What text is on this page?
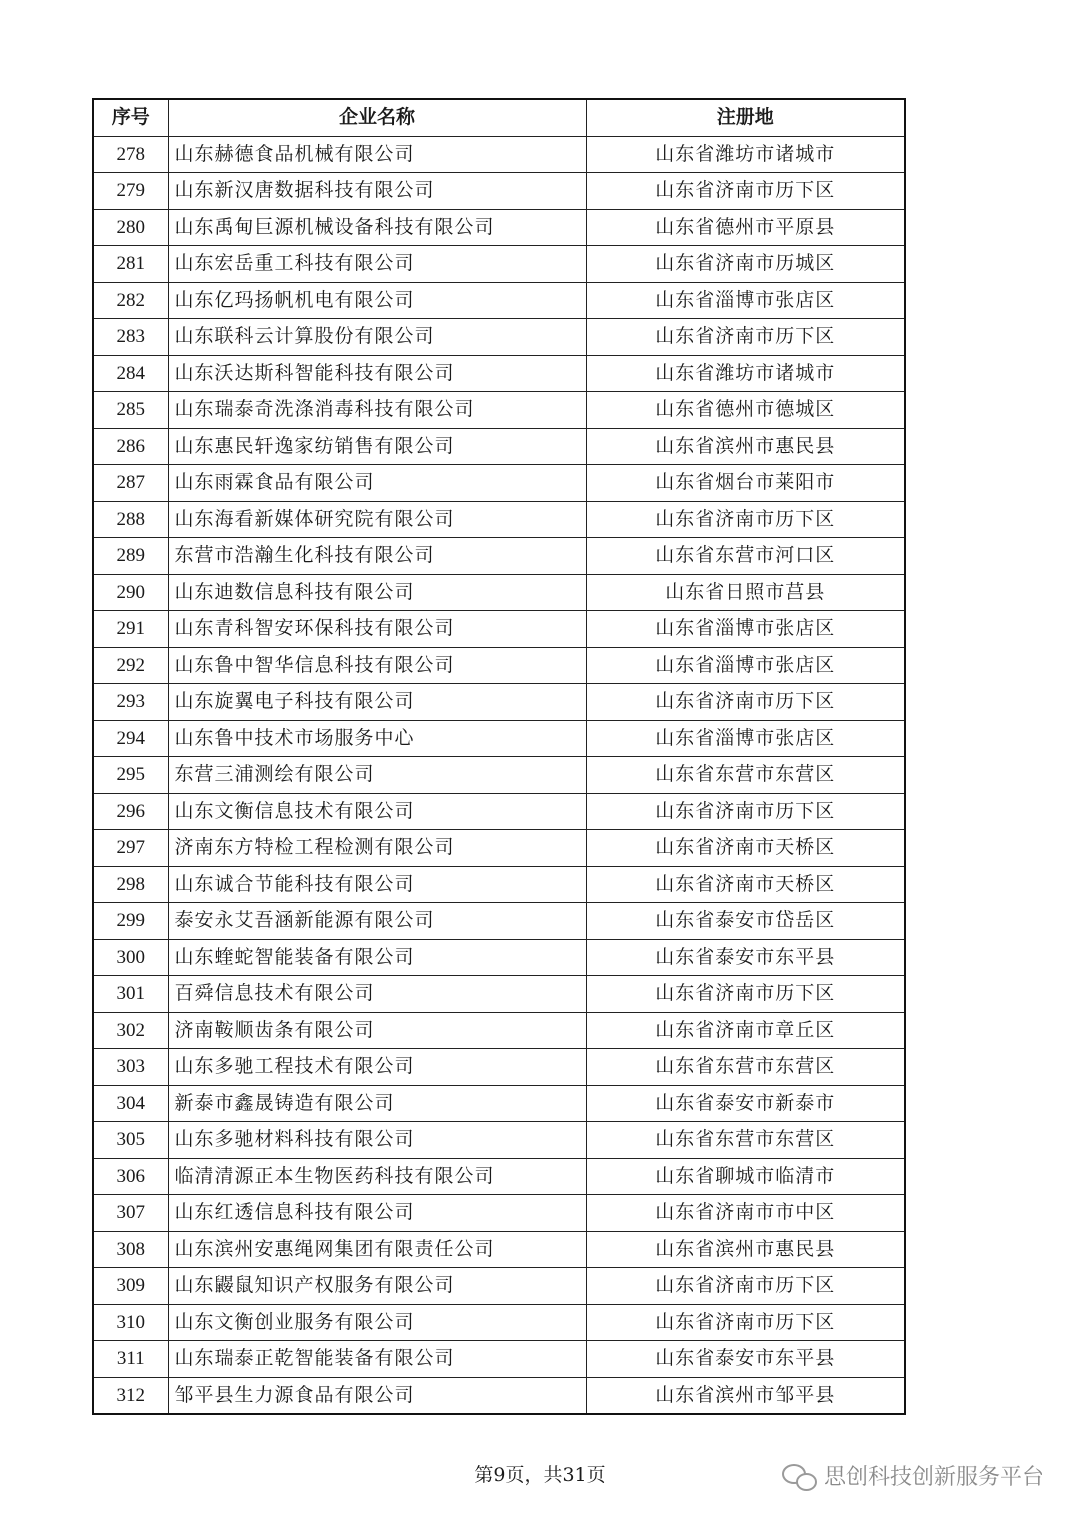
序号	企业名称	注册地
278	山东赫德食品机械有限公司	山东省潍坊市诸城市
279	山东新汉唐数据科技有限公司	山东省济南市历下区
280	山东禹甸巨源机械设备科技有限公司	山东省德州市平原县
281	山东宏岳重工科技有限公司	山东省济南市历城区
282	山东亿玛扬帆机电有限公司	山东省淄博市张店区
283	山东联科云计算股份有限公司	山东省济南市历下区
284	山东沃达斯科智能科技有限公司	山东省潍坊市诸城市
285	山东瑞泰奇洗涤消毒科技有限公司	山东省德州市德城区
286	山东惠民轩逸家纺销售有限公司	山东省滨州市惠民县
287	山东雨霖食品有限公司	山东省烟台市莱阳市
288	山东海看新媒体研究院有限公司	山东省济南市历下区
289	东营市浩瀚生化科技有限公司	山东省东营市河口区
290	山东迪数信息科技有限公司	山东省日照市莒县
291	山东青科智安环保科技有限公司	山东省淄博市张店区
292	山东鲁中智华信息科技有限公司	山东省淄博市张店区
293	山东旋翼电子科技有限公司	山东省济南市历下区
294	山东鲁中技术市场服务中心	山东省淄博市张店区
295	东营三浦测绘有限公司	山东省东营市东营区
296	山东文衡信息技术有限公司	山东省济南市历下区
297	济南东方特检工程检测有限公司	山东省济南市天桥区
298	山东诚合节能科技有限公司	山东省济南市天桥区
299	泰安永艾吾涵新能源有限公司	山东省泰安市岱岳区
300	山东蝰蛇智能装备有限公司	山东省泰安市东平县
301	百舜信息技术有限公司	山东省济南市历下区
302	济南鞍顺齿条有限公司	山东省济南市章丘区
303	山东多驰工程技术有限公司	山东省东营市东营区
304	新泰市鑫晟铸造有限公司	山东省泰安市新泰市
305	山东多驰材料科技有限公司	山东省东营市东营区
306	临清清源正本生物医药科技有限公司	山东省聊城市临清市
307	山东红透信息科技有限公司	山东省济南市市中区
308	山东滨州安惠绳网集团有限责任公司	山东省滨州市惠民县
309	山东鼹鼠知识产权服务有限公司	山东省济南市历下区
310	山东文衡创业服务有限公司	山东省济南市历下区
311	山东瑞泰正乾智能装备有限公司	山东省泰安市东平县
312	邹平县生力源食品有限公司	山东省滨州市邹平县
第9页，共31页	思创科技创新服务平台
